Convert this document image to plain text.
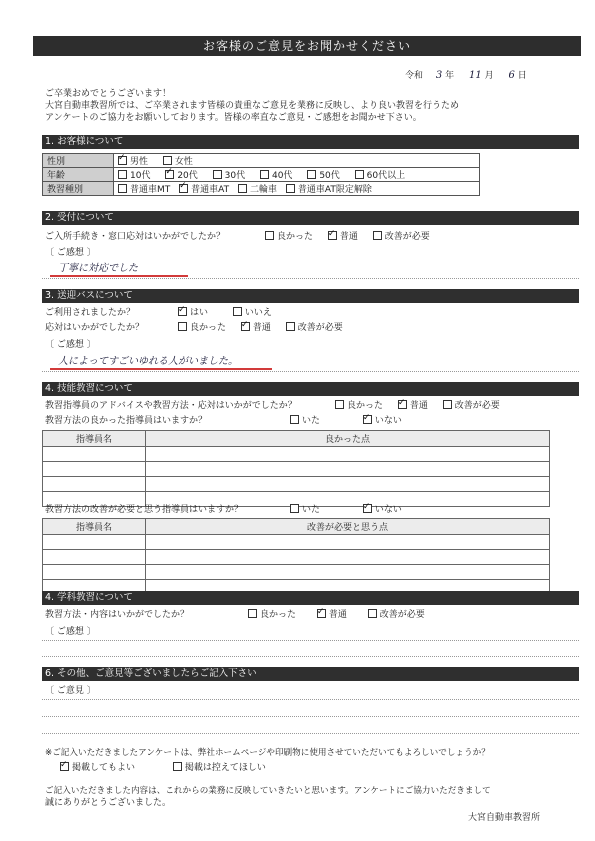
お客様のご意見をお聞かせください
令和 3 年 11 月 6 日
ご卒業おめでとうございます！
大宮自動車教習所では、ご卒業されます皆様の貴重なご意見を業務に反映し、より良い教習を行うため
アンケートのご協力をお願いしております。皆様の率直なご意見・ご感想をお聞かせ下さい。
1. お客様について
性別	✓男性 女性
年齢	10代 ✓ 20代 30代 40代 50代 60代以上
教習種別	普通車MT ✓ 普通車AT 二輪車 普通車AT限定解除
2. 受付について
ご入所手続き・窓口応対はいかがでしたか？	良かった ✓	普通	改善が必要
〔 ご感想 〕
丁寧に対応でした
3. 送迎バスについて
ご利用されましたか？ ✓	はい	いいえ
応対はいかがでしたか？	良かった ✓	普通	改善が必要
〔 ご感想 〕
人によってすごいゆれる人がいました。
4. 技能教習について
教習指導員のアドバイスや教習方法・応対はいかがでしたか？	良かった ✓	普通	改善が必要
教習方法の良かった指導員はいますか？	いた ✓	いない
指導員名	良かった点

教習方法の改善が必要と思う指導員はいますか？	いた ✓	いない
指導員名	改善が必要と思う点

4. 学科教習について
教習方法・内容はいかがでしたか？	良かった ✓	普通	改善が必要
〔 ご感想 〕
6. その他、ご意見等ございましたらご記入下さい
〔 ご意見 〕
※ご記入いただきましたアンケートは、弊社ホームページや印刷物に使用させていただいてもよろしいでしょうか？
✓掲載してもよい	掲載は控えてほしい
ご記入いただきました内容は、これからの業務に反映していきたいと思います。アンケートにご協力いただきまして
誠にありがとうございました。
大宮自動車教習所
